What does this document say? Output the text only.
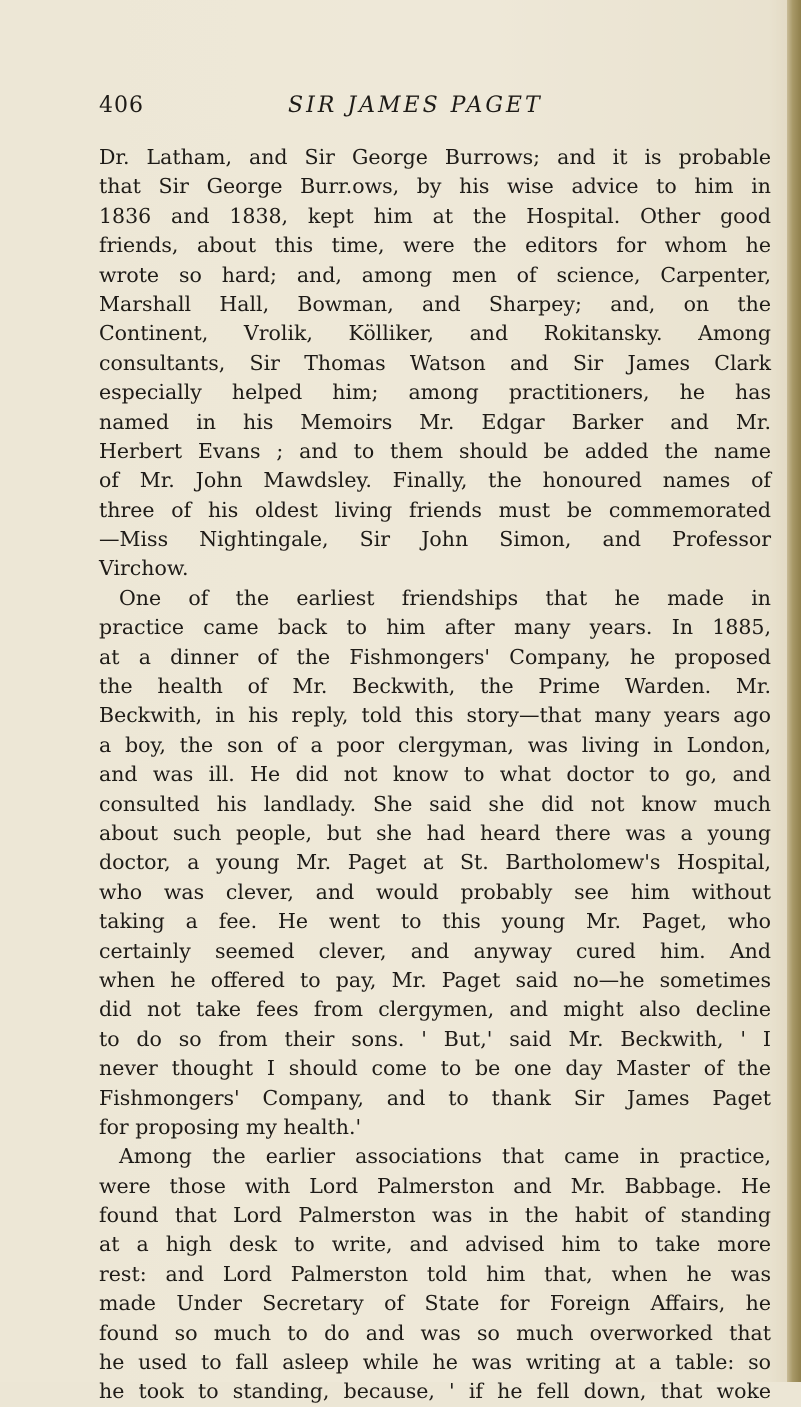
406	SIR JAMES PAGET
Dr. Latham, and Sir George Burrows; and it is probable
that Sir George Burr.ows, by his wise advice to him in
1836 and 1838, kept him at the Hospital. Other good
friends, about this time, were the editors for whom he
wrote so hard; and, among men of science, Carpenter,
Marshall Hall, Bowman, and Sharpey; and, on the
Continent, Vrolik, Kölliker, and Rokitansky. Among
consultants, Sir Thomas Watson and Sir James Clark
especially helped him; among practitioners, he has
named in his Memoirs Mr. Edgar Barker and Mr.
Herbert Evans ; and to them should be added the name
of Mr. John Mawdsley. Finally, the honoured names of
three of his oldest living friends must be commemorated
—Miss Nightingale, Sir John Simon, and Professor
Virchow.
One of the earliest friendships that he made in
practice came back to him after many years. In 1885,
at a dinner of the Fishmongers' Company, he proposed
the health of Mr. Beckwith, the Prime Warden. Mr.
Beckwith, in his reply, told this story—that many years ago
a boy, the son of a poor clergyman, was living in London,
and was ill. He did not know to what doctor to go, and
consulted his landlady. She said she did not know much
about such people, but she had heard there was a young
doctor, a young Mr. Paget at St. Bartholomew's Hospital,
who was clever, and would probably see him without
taking a fee. He went to this young Mr. Paget, who
certainly seemed clever, and anyway cured him. And
when he offered to pay, Mr. Paget said no—he sometimes
did not take fees from clergymen, and might also decline
to do so from their sons. ' But,' said Mr. Beckwith, ' I
never thought I should come to be one day Master of the
Fishmongers' Company, and to thank Sir James Paget
for proposing my health.'
Among the earlier associations that came in practice,
were those with Lord Palmerston and Mr. Babbage. He
found that Lord Palmerston was in the habit of standing
at a high desk to write, and advised him to take more
rest: and Lord Palmerston told him that, when he was
made Under Secretary of State for Foreign Affairs, he
found so much to do and was so much overworked that
he used to fall asleep while he was writing at a table: so
he took to standing, because, ' if he fell down, that woke
